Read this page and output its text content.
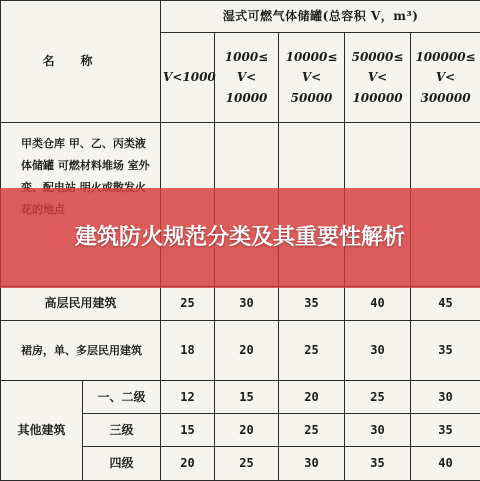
名称		湿式可燃气体储罐(总容积 V，m³)				
		V<1000	1000≤ V< 10000	10000≤ V< 50000	50000≤ V< 100000	100000≤ V< 300000
甲类仓库 甲、乙、丙类液体储罐 可燃材料堆场 室外						
高层民用建筑		25	30	35	40	45
裙房，单、多层民用建筑		18	20	25	30	35
其他建筑	一、二级	12	15	20	25	30
	三级	15	20	25	30	35
	四级	20	25	30	35	40
建筑防火规范分类及其重要性解析
